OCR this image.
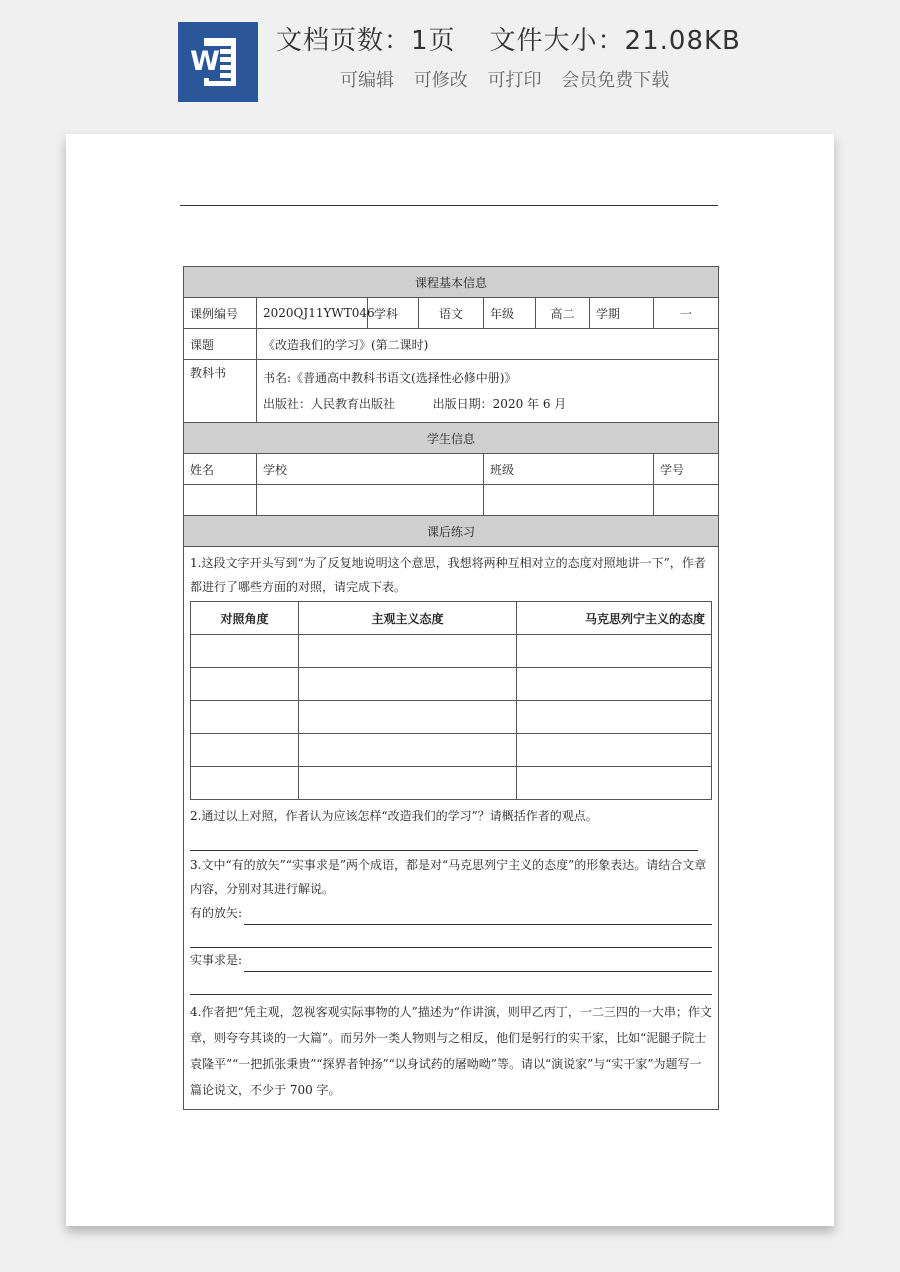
W
文档页数：1页 文件大小：21.08KB
可编辑 可修改 可打印 会员免费下载
课程基本信息
课例编号	2020QJ11YWT046	学科	语文	年级	高二	学期	一
课题	《改造我们的学习》(第二课时)
教科书	书名:《普通高中教科书语文(选择性必修中册)》
出版社：人民教育出版社	出版日期：2020 年 6 月

学生信息
姓名	学校	班级	学号

课后练习

1.这段文字开头写到“为了反复地说明这个意思，我想将两种互相对立的态度对照地讲一下”，作者都进行了哪些方面的对照，请完成下表。
对照角度	主观主义态度	马克思列宁主义的态度

2.通过以上对照，作者认为应该怎样“改造我们的学习”？请概括作者的观点。
3.文中“有的放矢”“实事求是”两个成语，都是对“马克思列宁主义的态度”的形象表达。请结合文章内容，分别对其进行解说。
有的放矢:
实事求是:
4.作者把“凭主观，忽视客观实际事物的人”描述为“作讲演，则甲乙丙丁，一二三四的一大串；作文章，则夸夸其谈的一大篇”。而另外一类人物则与之相反，他们是躬行的实干家，比如“泥腿子院士袁隆平”“一把抓张秉贵”“探界者钟扬”“以身试药的屠呦呦”等。请以“演说家”与“实干家”为题写一篇论说文，不少于 700 字。
